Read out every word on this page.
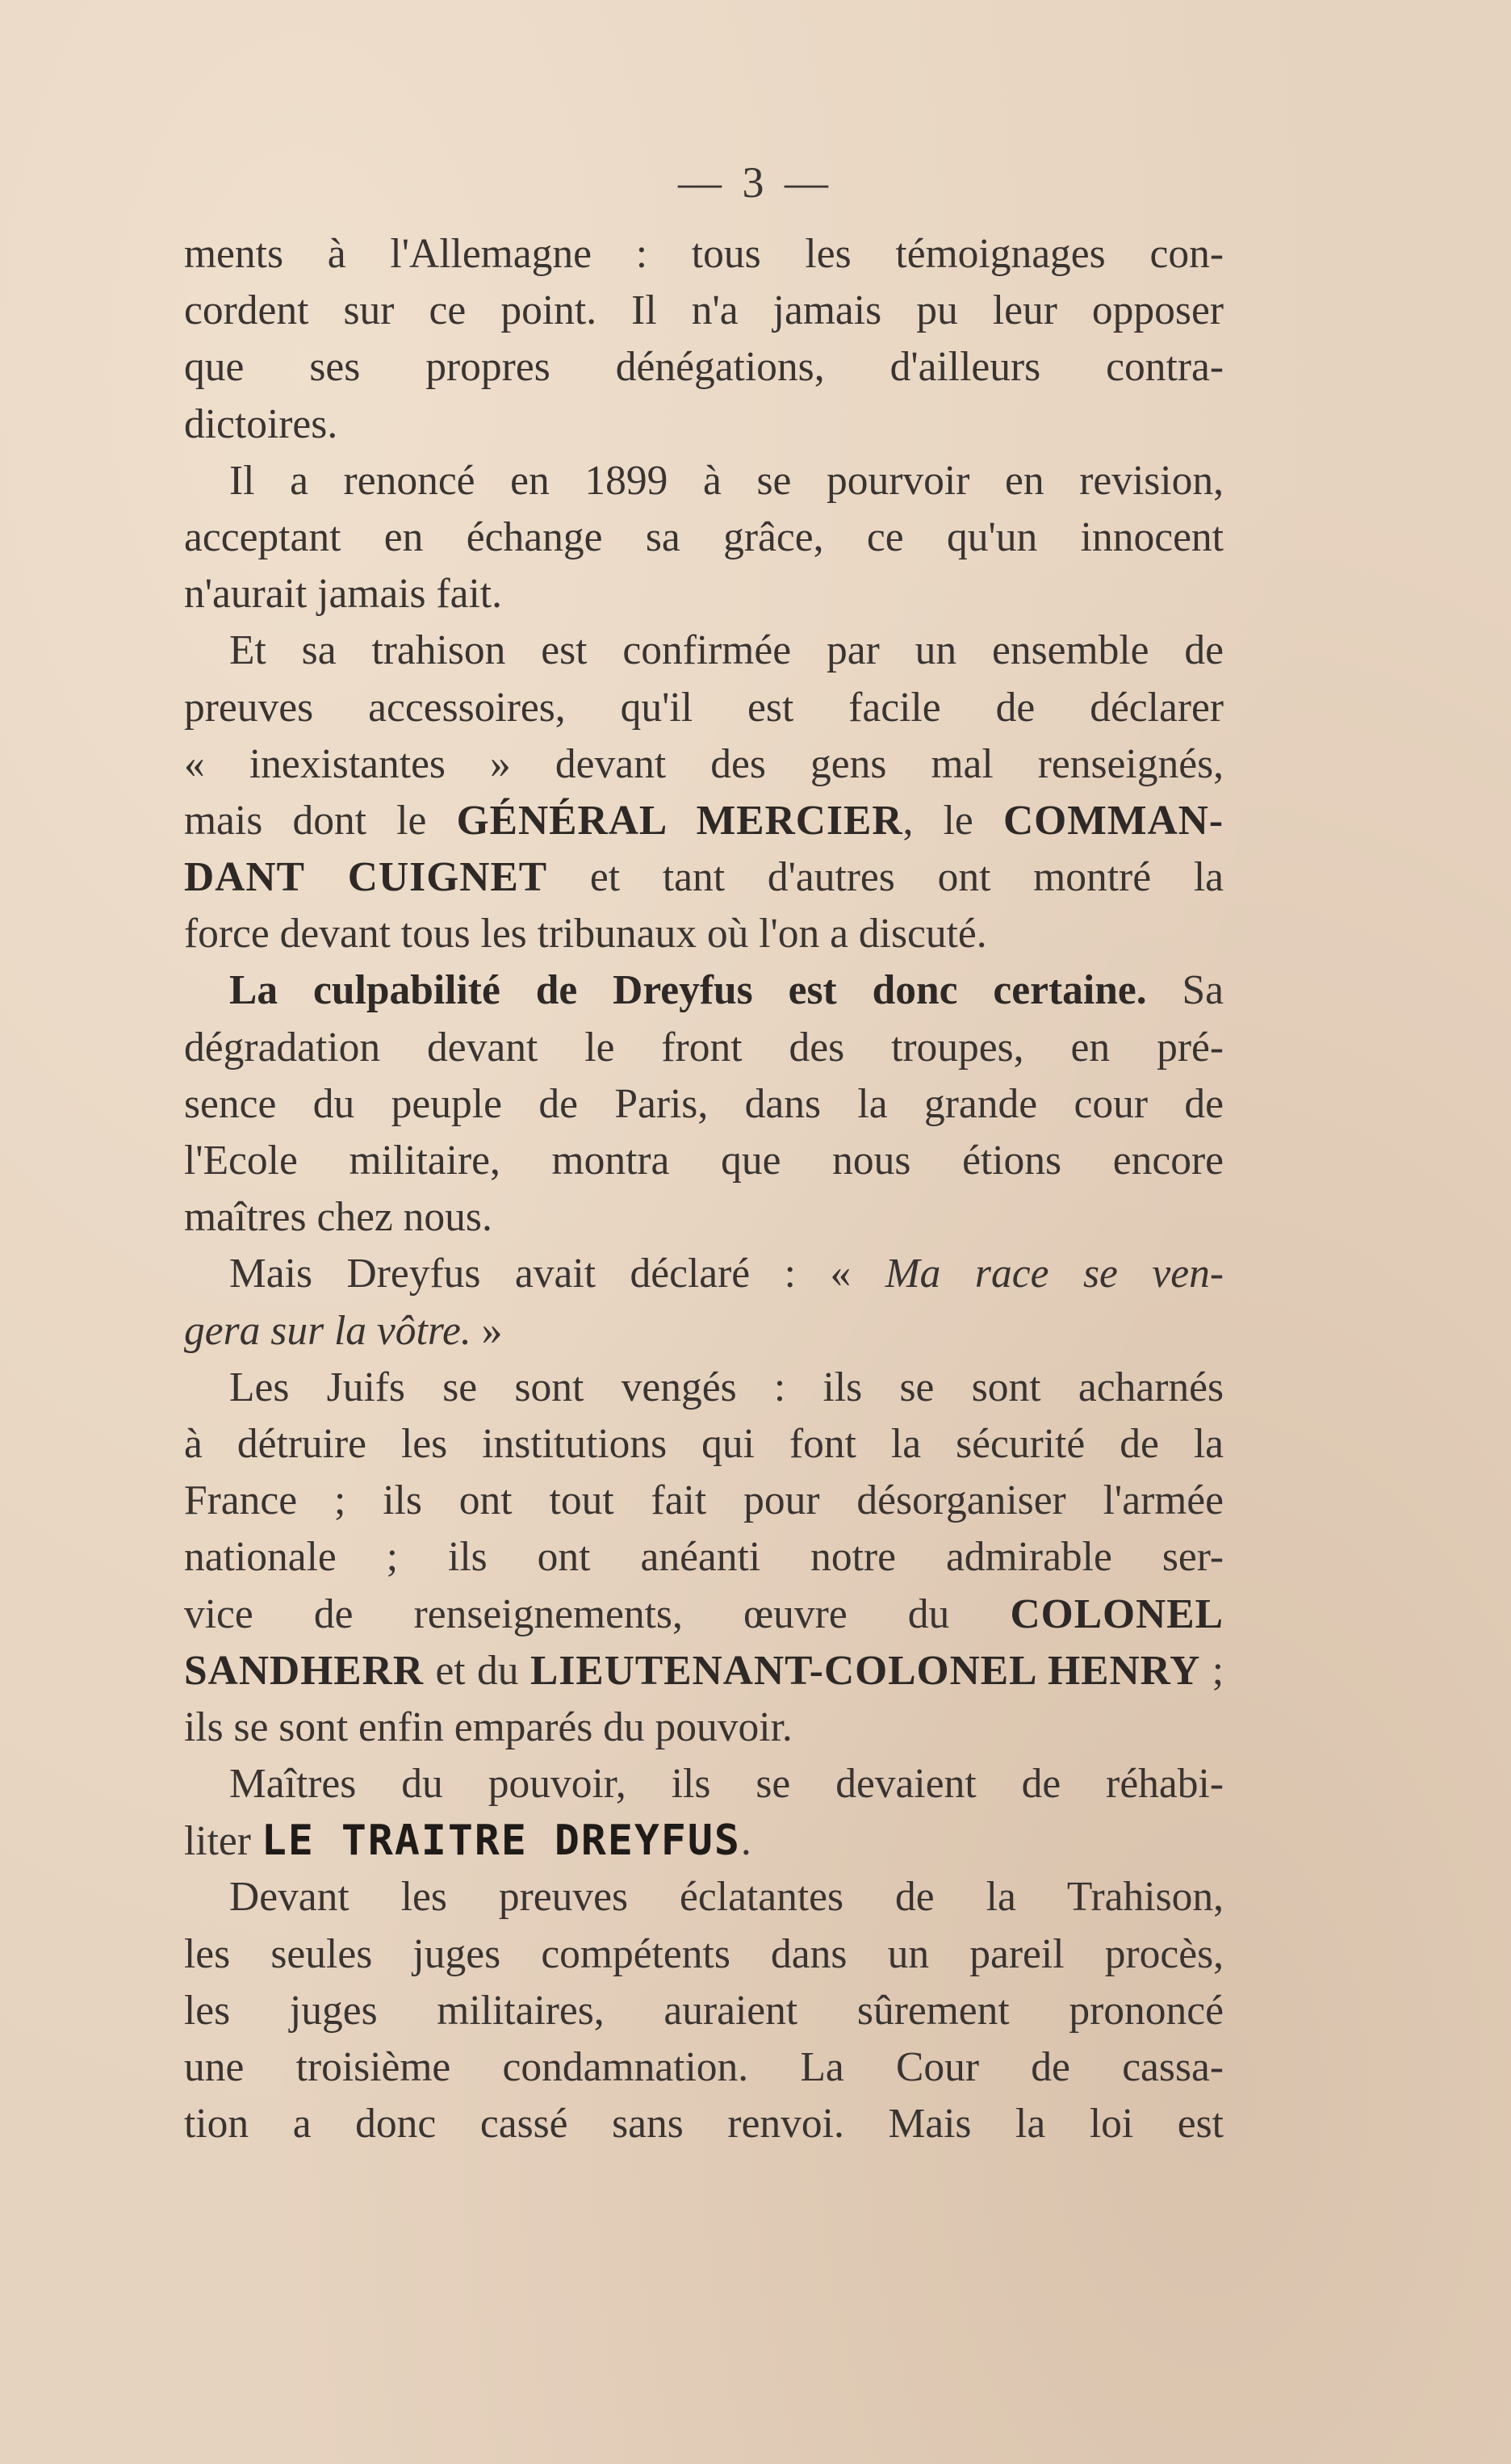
— 3 —
ments à l'Allemagne : tous les témoignages con-
cordent sur ce point. Il n'a jamais pu leur opposer
que ses propres dénégations, d'ailleurs contra-
dictoires.
Il a renoncé en 1899 à se pourvoir en revision,
acceptant en échange sa grâce, ce qu'un innocent
n'aurait jamais fait.
Et sa trahison est confirmée par un ensemble de
preuves accessoires, qu'il est facile de déclarer
« inexistantes » devant des gens mal renseignés,
mais dont le GÉNÉRAL MERCIER, le COMMAN-
DANT CUIGNET et tant d'autres ont montré la
force devant tous les tribunaux où l'on a discuté.
La culpabilité de Dreyfus est donc certaine. Sa
dégradation devant le front des troupes, en pré-
sence du peuple de Paris, dans la grande cour de
l'Ecole militaire, montra que nous étions encore
maîtres chez nous.
Mais Dreyfus avait déclaré : « Ma race se ven-
gera sur la vôtre. »
Les Juifs se sont vengés : ils se sont acharnés
à détruire les institutions qui font la sécurité de la
France ; ils ont tout fait pour désorganiser l'armée
nationale ; ils ont anéanti notre admirable ser-
vice de renseignements, œuvre du COLONEL
SANDHERR et du LIEUTENANT-COLONEL HENRY ;
ils se sont enfin emparés du pouvoir.
Maîtres du pouvoir, ils se devaient de réhabi-
liter LE TRAITRE DREYFUS.
Devant les preuves éclatantes de la Trahison,
les seules juges compétents dans un pareil procès,
les juges militaires, auraient sûrement prononcé
une troisième condamnation. La Cour de cassa-
tion a donc cassé sans renvoi. Mais la loi est
